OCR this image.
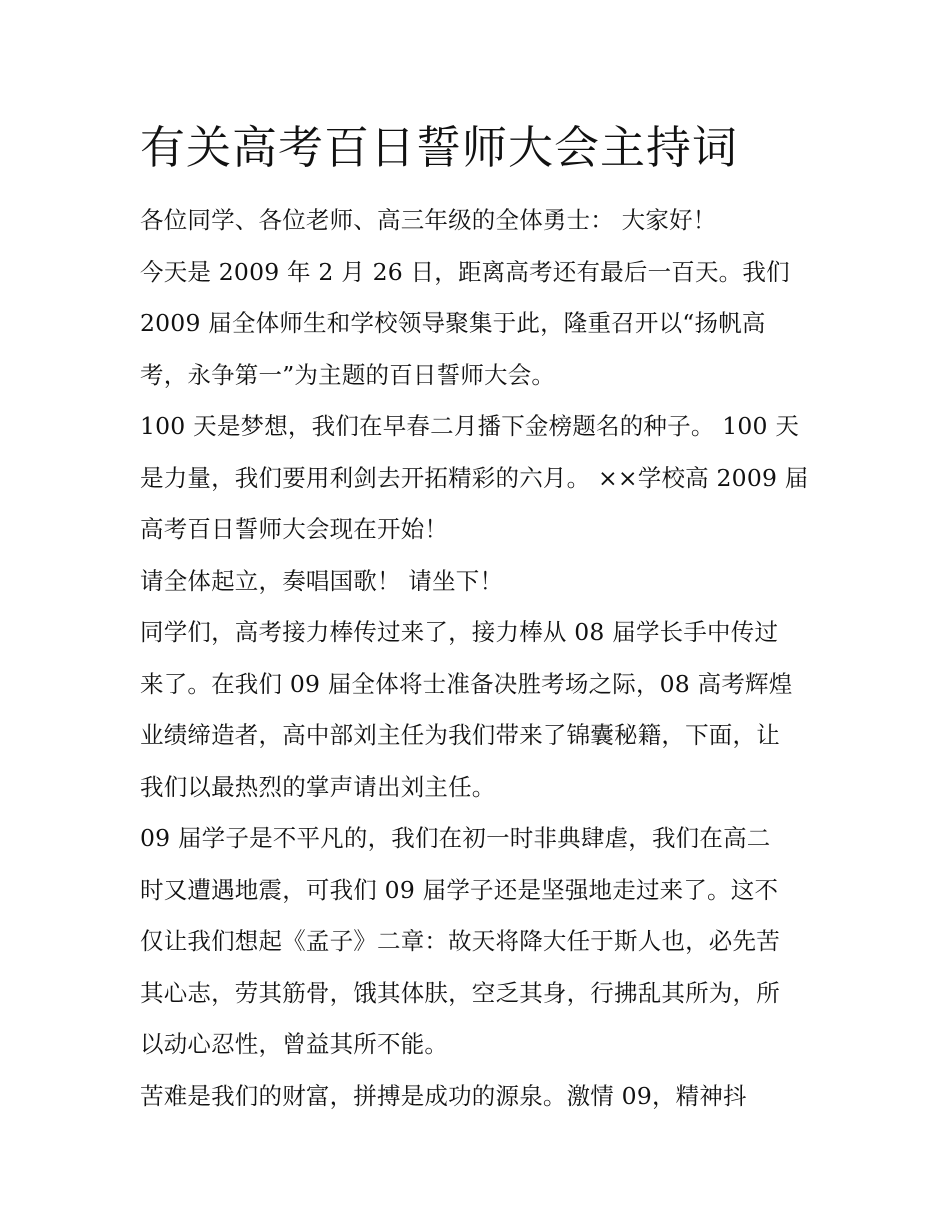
有关高考百日誓师大会主持词
各位同学、各位老师、高三年级的全体勇士： 大家好！
今天是 2009 年 2 月 26 日，距离高考还有最后一百天。我们
2009 届全体师生和学校领导聚集于此，隆重召开以“扬帆高
考，永争第一”为主题的百日誓师大会。
100 天是梦想，我们在早春二月播下金榜题名的种子。 100 天
是力量，我们要用利剑去开拓精彩的六月。 ××学校高 2009 届
高考百日誓师大会现在开始！
请全体起立，奏唱国歌！ 请坐下！
同学们，高考接力棒传过来了，接力棒从 08 届学长手中传过
来了。在我们 09 届全体将士准备决胜考场之际，08 高考辉煌
业绩缔造者，高中部刘主任为我们带来了锦囊秘籍，下面，让
我们以最热烈的掌声请出刘主任。
09 届学子是不平凡的，我们在初一时非典肆虐，我们在高二
时又遭遇地震，可我们 09 届学子还是坚强地走过来了。这不
仅让我们想起《孟子》二章：故天将降大任于斯人也，必先苦
其心志，劳其筋骨，饿其体肤，空乏其身，行拂乱其所为，所
以动心忍性，曾益其所不能。
苦难是我们的财富，拼搏是成功的源泉。激情 09，精神抖
